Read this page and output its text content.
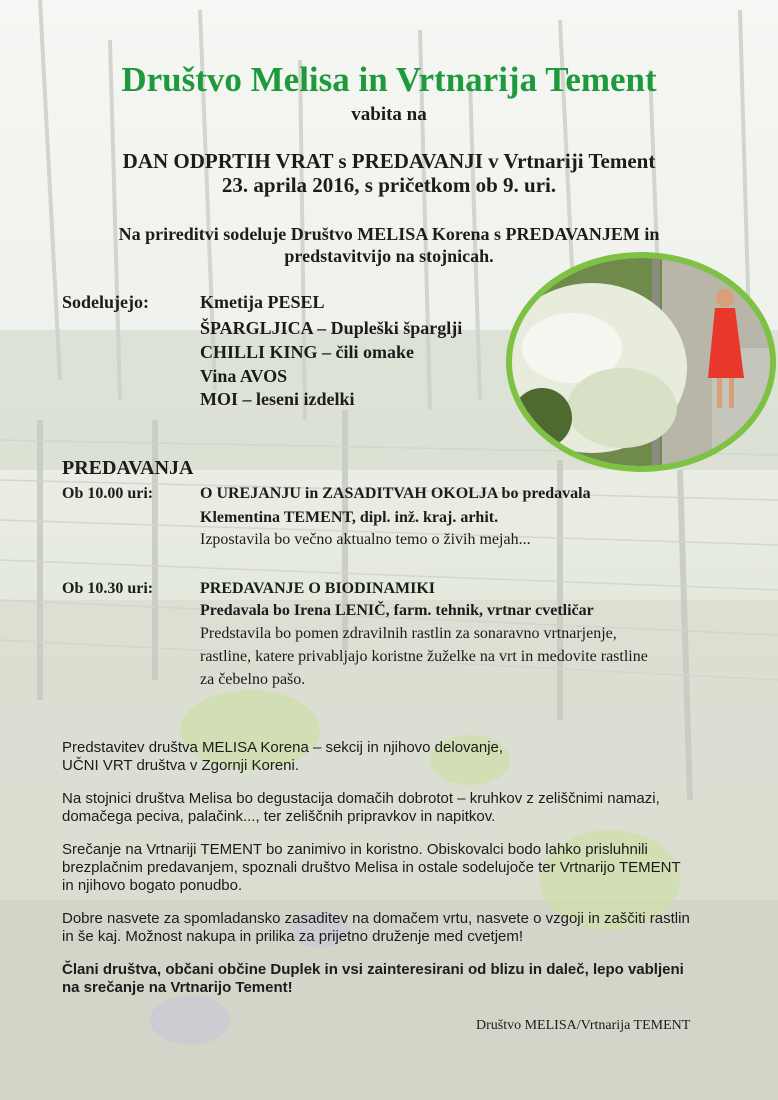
Društvo Melisa in Vrtnarija Tement
vabita na
DAN ODPRTIH VRAT s PREDAVANJI v Vrtnariji Tement
23. aprila 2016, s pričetkom ob 9. uri.
Na prireditvi sodeluje Društvo MELISA Korena s PREDAVANJEM in
predstavitvijo na stojnicah.
Sodelujejo:	Kmetija PESEL
ŠPARGLJICA – Dupleški šparglji
CHILLI KING – čili omake
Vina AVOS
MOI – leseni izdelki
PREDAVANJA
Ob 10.00 uri:	O UREJANJU in ZASADITVAH OKOLJA bo predavala
Klementina TEMENT, dipl. inž. kraj. arhit.
Izpostavila bo večno aktualno temo o živih mejah...
Ob 10.30 uri:	PREDAVANJE O BIODINAMIKI
Predavala bo Irena LENIČ, farm. tehnik, vrtnar cvetličar
Predstavila bo pomen zdravilnih rastlin za sonaravno vrtnarjenje,
rastline, katere privabljajo koristne žuželke na vrt in medovite rastline
za čebelno pašo.
Predstavitev društva MELISA Korena – sekcij in njihovo delovanje,
UČNI VRT društva v Zgornji Koreni.
Na stojnici društva Melisa bo degustacija domačih dobrotot – kruhkov z zeliščnimi namazi,
domačega peciva, palačink..., ter zeliščnih pripravkov in napitkov.
Srečanje na Vrtnariji TEMENT bo zanimivo in koristno. Obiskovalci bodo lahko prisluhnili
brezplačnim predavanjem, spoznali društvo Melisa in ostale sodelujoče ter Vrtnarijo TEMENT
in njihovo bogato ponudbo.
Dobre nasvete za spomladansko zasaditev na domačem vrtu, nasvete o vzgoji in zaščiti rastlin
in še kaj. Možnost nakupa in prilika za prijetno druženje med cvetjem!
Člani društva, občani občine Duplek in vsi zainteresirani od blizu in daleč, lepo vabljeni
na srečanje na Vrtnarijo Tement!
Društvo MELISA/Vrtnarija TEMENT
